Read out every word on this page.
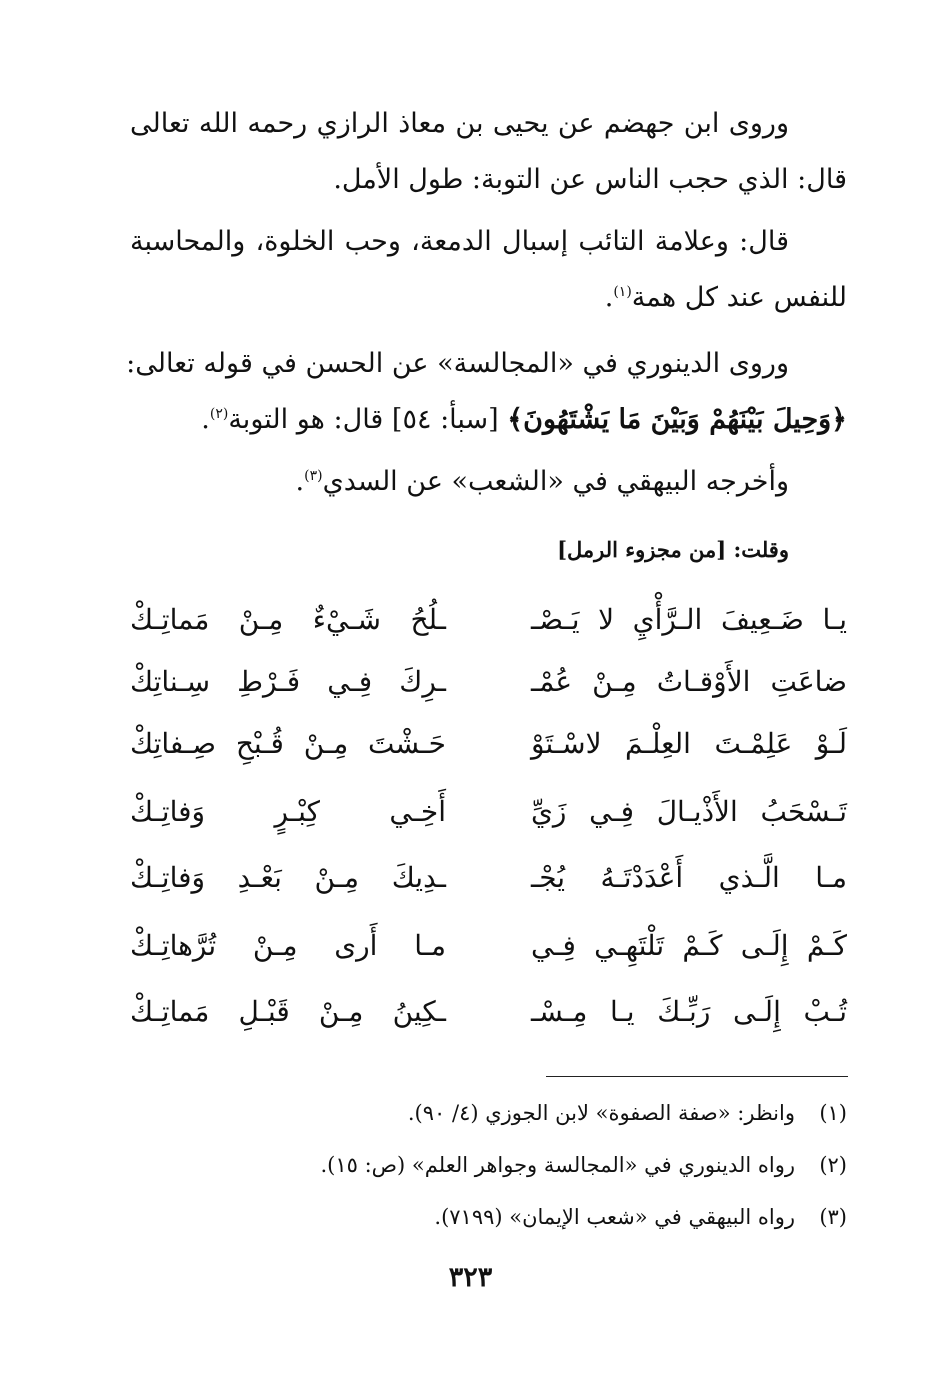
وروى ابن جهضم عن يحيى بن معاذ الرازي رحمه الله تعالى
قال: الذي حجب الناس عن التوبة: طول الأمل.
قال: وعلامة التائب إسبال الدمعة، وحب الخلوة، والمحاسبة
للنفس عند كل همة$^{(١)}$.
وروى الدينوري في «المجالسة» عن الحسن في قوله تعالى:
﴿وَحِيلَ بَيْنَهُمْ وَبَيْنَ مَا يَشْتَهُونَ﴾ [سبأ: ٥٤] قال: هو التوبة$^{(٢)}$.
وأخرجه البيهقي في «الشعب» عن السدي$^{(٣)}$.
وقلت: [من مجزوء الرمل]
يـا ضَـعِيفَ الـرَّأْيِ لا يَـصْـ
ـلُحُ شَـيْءٌ مِـنْ مَماتِـكْ
ضاعَتِ الأَوْقـاتُ مِـنْ عُمْـ
ـرِكَ فِـي فَـرْطِ سِـناتِكْ
لَـوْ عَلِمْـتَ العِلْـمَ لاسْـتَوْ
حَـشْتَ مِـنْ قُـبْحِ صِـفاتِكْ
تَـسْحَبُ الأَذْيـالَ فِـي زَيِّ
أَخِـي كِبْـرٍ وَفاتِـكْ
مـا الَّـذي أَعْدَدْتَـهُ يُجْـ
ـدِيكَ مِـنْ بَعْـدِ وَفاتِـكْ
كَـمْ إِلَـى كَـمْ تَلْتَهِـي فِـي
مـا أَرى مِـنْ تُرَّهاتِـكْ
تُـبْ إِلَـى رَبِّـكَ يـا مِـسْـ
ـكِينُ مِـنْ قَبْـلِ مَماتِـكْ
(١)وانظر: «صفة الصفوة» لابن الجوزي (٤/ ٩٠).
(٢)رواه الدينوري في «المجالسة وجواهر العلم» (ص: ١٥).
(٣)رواه البيهقي في «شعب الإيمان» (٧١٩٩).
٣٢٣
